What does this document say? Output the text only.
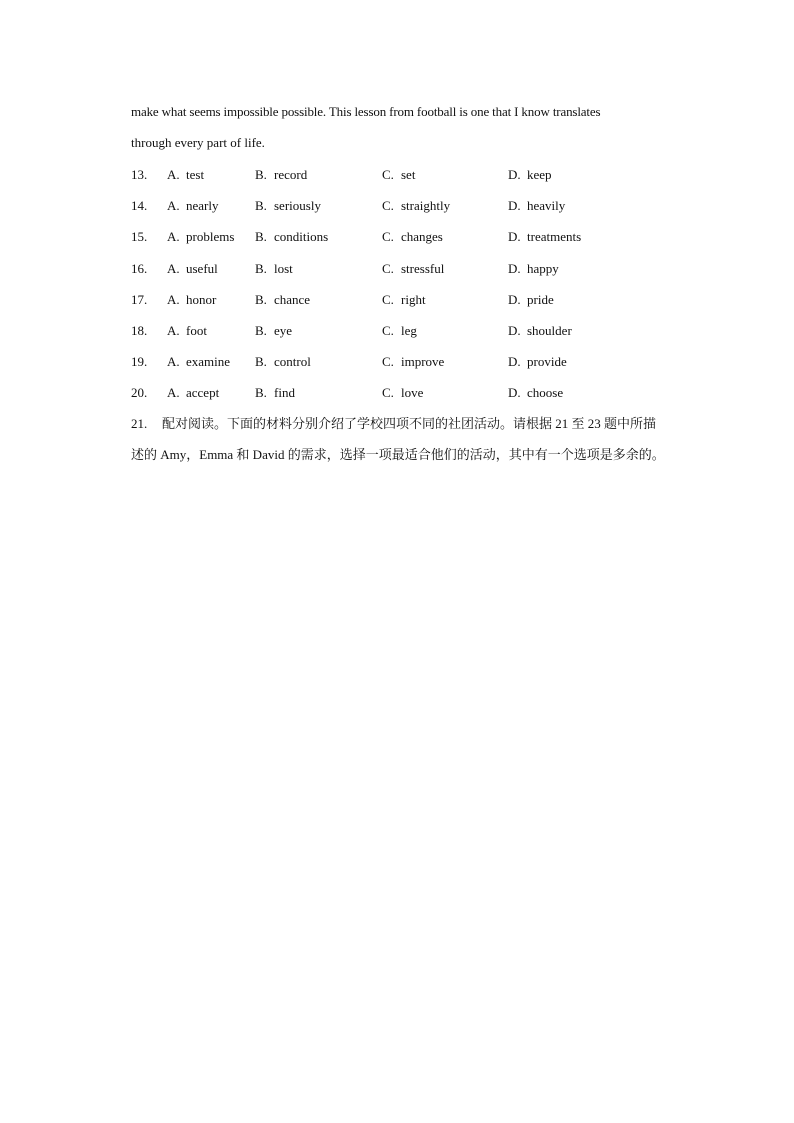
make what seems impossible possible. This lesson from football is one that I know translates
through every part of life.
13. A. test	B. record	C. set	D. keep
14. A. nearly	B. seriously	C. straightly	D. heavily
15. A. problems B. conditions	C. changes	D. treatments
16. A. useful	B. lost	C. stressful	D. happy
17. A. honor	B. chance	C. right	D. pride
18. A. foot	B. eye	C. leg	D. shoulder
19. A. examine B. control	C. improve	D. provide
20. A. accept	B. find	C. love	D. choose
21. 配对阅读。下面的材料分别介绍了学校四项不同的社团活动。请根据 21 至 23 题中所描
述的 Amy，Emma 和 David 的需求，选择一项最适合他们的活动，其中有一个选项是多余的。
